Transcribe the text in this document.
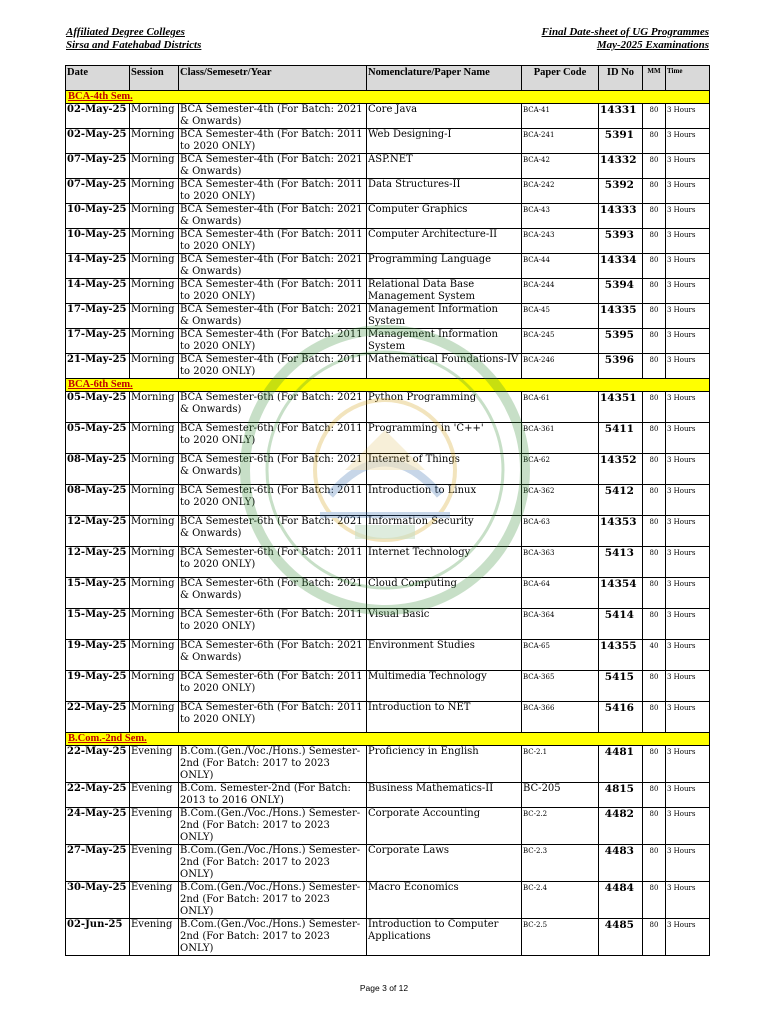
Affiliated Degree Colleges
Sirsa and Fatehabad Districts
Final Date-sheet of UG Programmes
May-2025 Examinations
Date	Session	Class/Semesetr/Year	Nomenclature/Paper Name	Paper Code	ID No	MM	Time
BCA-4th Sem.							
02-May-25	Morning	BCA Semester-4th (For Batch: 2021 & Onwards)	Core Java	BCA-41	14331	80	3 Hours
02-May-25	Morning	BCA Semester-4th (For Batch: 2011 to 2020 ONLY)	Web Designing-I	BCA-241	5391	80	3 Hours
07-May-25	Morning	BCA Semester-4th (For Batch: 2021 & Onwards)	ASP.NET	BCA-42	14332	80	3 Hours
07-May-25	Morning	BCA Semester-4th (For Batch: 2011 to 2020 ONLY)	Data Structures-II	BCA-242	5392	80	3 Hours
10-May-25	Morning	BCA Semester-4th (For Batch: 2021 & Onwards)	Computer Graphics	BCA-43	14333	80	3 Hours
10-May-25	Morning	BCA Semester-4th (For Batch: 2011 to 2020 ONLY)	Computer Architecture-II	BCA-243	5393	80	3 Hours
14-May-25	Morning	BCA Semester-4th (For Batch: 2021 & Onwards)	Programming Language	BCA-44	14334	80	3 Hours
14-May-25	Morning	BCA Semester-4th (For Batch: 2011 to 2020 ONLY)	Relational Data Base Management System	BCA-244	5394	80	3 Hours
17-May-25	Morning	BCA Semester-4th (For Batch: 2021 & Onwards)	Management Information System	BCA-45	14335	80	3 Hours
17-May-25	Morning	BCA Semester-4th (For Batch: 2011 to 2020 ONLY)	Management Information System	BCA-245	5395	80	3 Hours
21-May-25	Morning	BCA Semester-4th (For Batch: 2011 to 2020 ONLY)	Mathematical Foundations-IV	BCA-246	5396	80	3 Hours
BCA-6th Sem.							
05-May-25	Morning	BCA Semester-6th (For Batch: 2021 & Onwards)	Python Programming	BCA-61	14351	80	3 Hours
05-May-25	Morning	BCA Semester-6th (For Batch: 2011 to 2020 ONLY)	Programming in 'C++'	BCA-361	5411	80	3 Hours
08-May-25	Morning	BCA Semester-6th (For Batch: 2021 & Onwards)	Internet of Things	BCA-62	14352	80	3 Hours
08-May-25	Morning	BCA Semester-6th (For Batch: 2011 to 2020 ONLY)	Introduction to Linux	BCA-362	5412	80	3 Hours
12-May-25	Morning	BCA Semester-6th (For Batch: 2021 & Onwards)	Information Security	BCA-63	14353	80	3 Hours
12-May-25	Morning	BCA Semester-6th (For Batch: 2011 to 2020 ONLY)	Internet Technology	BCA-363	5413	80	3 Hours
15-May-25	Morning	BCA Semester-6th (For Batch: 2021 & Onwards)	Cloud Computing	BCA-64	14354	80	3 Hours
15-May-25	Morning	BCA Semester-6th (For Batch: 2011 to 2020 ONLY)	Visual Basic	BCA-364	5414	80	3 Hours
19-May-25	Morning	BCA Semester-6th (For Batch: 2021 & Onwards)	Environment Studies	BCA-65	14355	40	3 Hours
19-May-25	Morning	BCA Semester-6th (For Batch: 2011 to 2020 ONLY)	Multimedia Technology	BCA-365	5415	80	3 Hours
22-May-25	Morning	BCA Semester-6th (For Batch: 2011 to 2020 ONLY)	Introduction to NET	BCA-366	5416	80	3 Hours
B.Com.-2nd Sem.							
22-May-25	Evening	B.Com.(Gen./Voc./Hons.) Semester-2nd (For Batch: 2017 to 2023 ONLY)	Proficiency in English	BC-2.1	4481	80	3 Hours
22-May-25	Evening	B.Com. Semester-2nd (For Batch: 2013 to 2016 ONLY)	Business Mathematics-II	BC-205	4815	80	3 Hours
24-May-25	Evening	B.Com.(Gen./Voc./Hons.) Semester-2nd (For Batch: 2017 to 2023 ONLY)	Corporate Accounting	BC-2.2	4482	80	3 Hours
27-May-25	Evening	B.Com.(Gen./Voc./Hons.) Semester-2nd (For Batch: 2017 to 2023 ONLY)	Corporate Laws	BC-2.3	4483	80	3 Hours
30-May-25	Evening	B.Com.(Gen./Voc./Hons.) Semester-2nd (For Batch: 2017 to 2023 ONLY)	Macro Economics	BC-2.4	4484	80	3 Hours
02-Jun-25	Evening	B.Com.(Gen./Voc./Hons.) Semester-2nd (For Batch: 2017 to 2023 ONLY)	Introduction to Computer Applications	BC-2.5	4485	80	3 Hours
Page 3 of 12
